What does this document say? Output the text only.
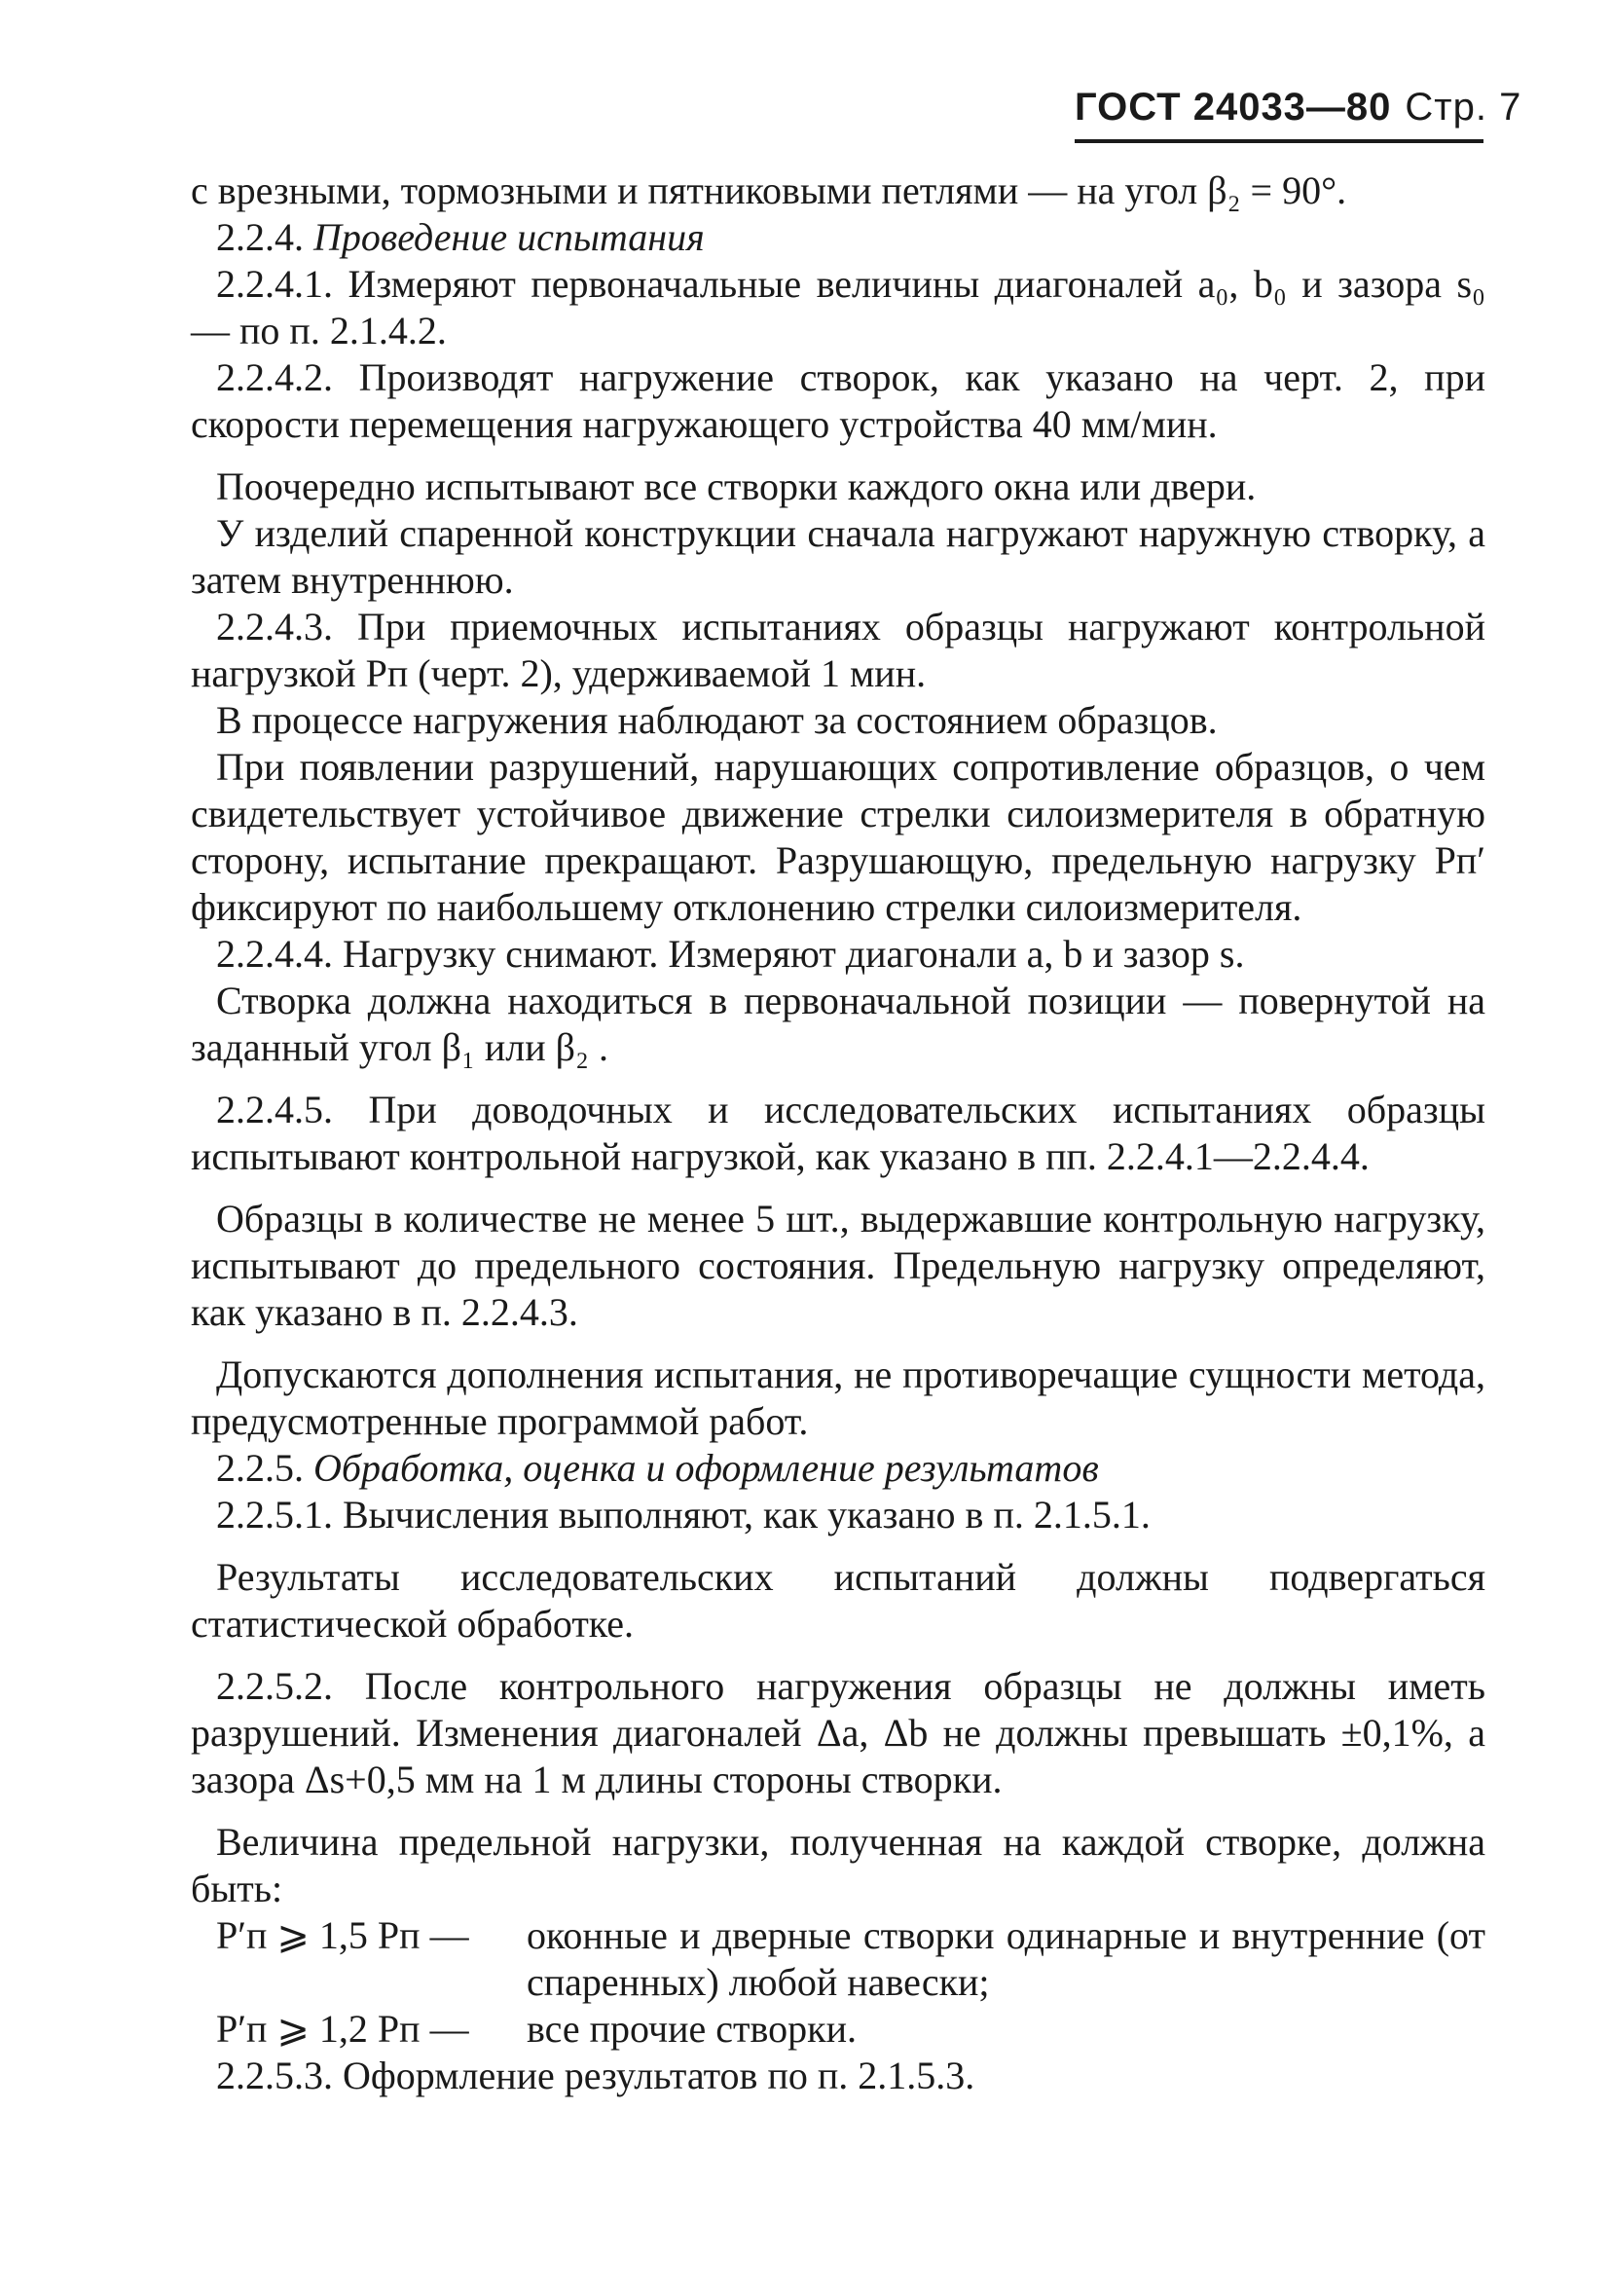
ГОСТ 24033—80 Стр. 7

с врезными, тормозными и пятниковыми петлями — на угол β₂ = 90°.

2.2.4. Проведение испытания

2.2.4.1. Измеряют первоначальные величины диагоналей a₀, b₀ и зазора s₀ — по п. 2.1.4.2.

2.2.4.2. Производят нагружение створок, как указано на черт. 2, при скорости перемещения нагружающего устройства 40 мм/мин.

Поочередно испытывают все створки каждого окна или двери.

У изделий спаренной конструкции сначала нагружают наружную створку, а затем внутреннюю.

2.2.4.3. При приемочных испытаниях образцы нагружают контрольной нагрузкой Pп (черт. 2), удерживаемой 1 мин.

В процессе нагружения наблюдают за состоянием образцов.

При появлении разрушений, нарушающих сопротивление образцов, о чем свидетельствует устойчивое движение стрелки силоизмерителя в обратную сторону, испытание прекращают. Разрушающую, предельную нагрузку Pп′ фиксируют по наибольшему отклонению стрелки силоизмерителя.

2.2.4.4. Нагрузку снимают. Измеряют диагонали a, b и зазор s.

Створка должна находиться в первоначальной позиции — повернутой на заданный угол β₁ или β₂ .

2.2.4.5. При доводочных и исследовательских испытаниях образцы испытывают контрольной нагрузкой, как указано в пп. 2.2.4.1—2.2.4.4.

Образцы в количестве не менее 5 шт., выдержавшие контрольную нагрузку, испытывают до предельного состояния. Предельную нагрузку определяют, как указано в п. 2.2.4.3.

Допускаются дополнения испытания, не противоречащие сущности метода, предусмотренные программой работ.

2.2.5. Обработка, оценка и оформление результатов

2.2.5.1. Вычисления выполняют, как указано в п. 2.1.5.1.

Результаты исследовательских испытаний должны подвергаться статистической обработке.

2.2.5.2. После контрольного нагружения образцы не должны иметь разрушений. Изменения диагоналей Δa, Δb не должны превышать ±0,1%, а зазора Δs+0,5 мм на 1 м длины стороны створки.

Величина предельной нагрузки, полученная на каждой створке, должна быть:

P′п ⩾ 1,5 Pп — оконные и дверные створки одинарные и внутренние (от спаренных) любой навески;
P′п ⩾ 1,2 Pп — все прочие створки.

2.2.5.3. Оформление результатов по п. 2.1.5.3.
